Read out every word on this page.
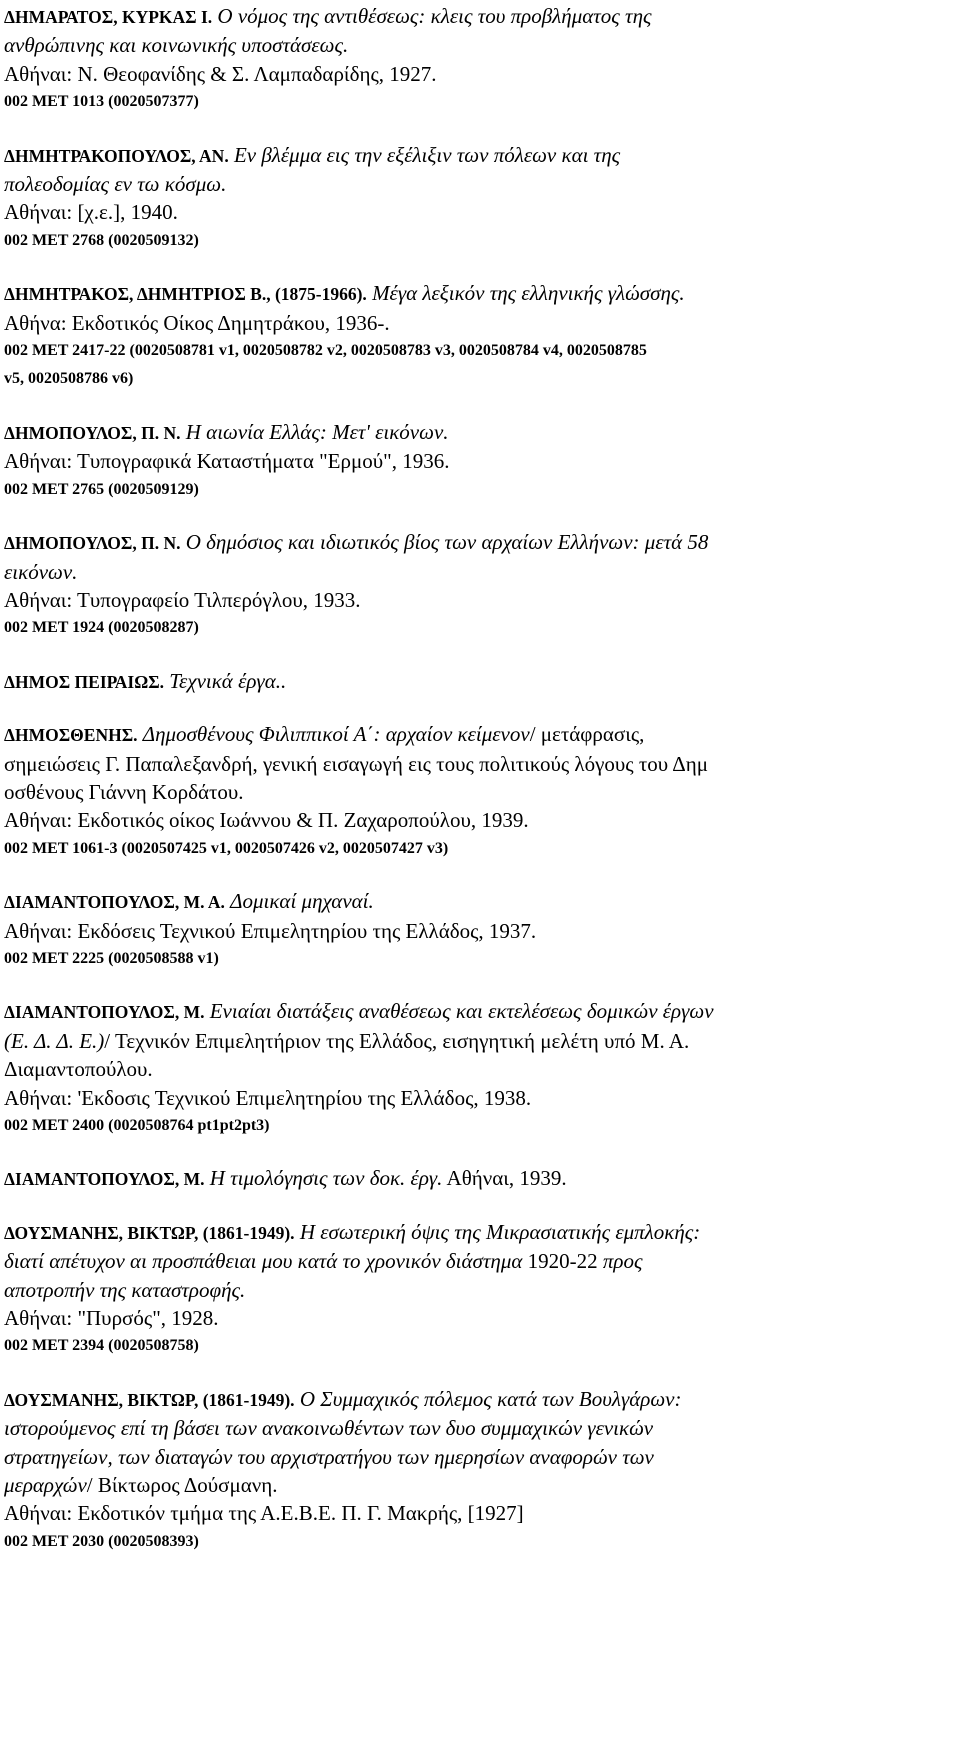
ΔΗΜΑΡΑΤΟΣ, ΚΥΡΚΑΣ Ι. Ο νόμος της αντιθέσεως: κλεις του προβλήματος της
ανθρώπινης και κοινωνικής υποστάσεως.
Αθήναι: Ν. Θεοφανίδης & Σ. Λαμπαδαρίδης, 1927.
002 MET 1013 (0020507377)
ΔΗΜΗΤΡΑΚΟΠΟΥΛΟΣ, ΑΝ. Εν βλέμμα εις την εξέλιξιν των πόλεων και της
πολεοδομίας εν τω κόσμω.
Αθήναι: [χ.ε.], 1940.
002 MET 2768 (0020509132)
ΔΗΜΗΤΡΑΚΟΣ, ΔΗΜΗΤΡΙΟΣ Β., (1875-1966). Μέγα λεξικόν της ελληνικής γλώσσης.
Αθήνα: Εκδοτικός Οίκος Δημητράκου, 1936-.
002 MET 2417-22 (0020508781 v1, 0020508782 v2, 0020508783 v3, 0020508784 v4, 0020508785
v5, 0020508786 v6)
ΔΗΜΟΠΟΥΛΟΣ, Π. Ν. Η αιωνία Ελλάς: Μετ' εικόνων.
Αθήναι: Τυπογραφικά Καταστήματα "Ερμού", 1936.
002 MET 2765 (0020509129)
ΔΗΜΟΠΟΥΛΟΣ, Π. Ν. Ο δημόσιος και ιδιωτικός βίος των αρχαίων Ελλήνων: μετά 58
εικόνων.
Αθήναι: Τυπογραφείο Τιλπερόγλου, 1933.
002 MET 1924 (0020508287)
ΔΗΜΟΣ ΠΕΙΡΑΙΩΣ. Τεχνικά έργα..
ΔΗΜΟΣΘΕΝΗΣ. Δημοσθένους Φιλιππικοί Α΄: αρχαίον κείμενον/ μετάφρασις,
σημειώσεις Γ. Παπαλεξανδρή, γενική εισαγωγή εις τους πολιτικούς λόγους του Δημ
οσθένους Γιάννη Κορδάτου.
Αθήναι: Εκδοτικός οίκος Ιωάννου & Π. Ζαχαροπούλου, 1939.
002 MET 1061-3 (0020507425 v1, 0020507426 v2, 0020507427 v3)
ΔΙΑΜΑΝΤΟΠΟΥΛΟΣ, Μ. Α. Δομικαί μηχαναί.
Αθήναι: Εκδόσεις Τεχνικού Επιμελητηρίου της Ελλάδος, 1937.
002 MET 2225 (0020508588 v1)
ΔΙΑΜΑΝΤΟΠΟΥΛΟΣ, Μ. Ενιαίαι διατάξεις αναθέσεως και εκτελέσεως δομικών έργων
(Ε. Δ. Δ. Ε.)/ Τεχνικόν Επιμελητήριον της Ελλάδος, εισηγητική μελέτη υπό Μ. Α.
Διαμαντοπούλου.
Αθήναι: 'Εκδοσις Τεχνικού Επιμελητηρίου της Ελλάδος, 1938.
002 MET 2400 (0020508764 pt1pt2pt3)
ΔΙΑΜΑΝΤΟΠΟΥΛΟΣ, Μ. Η τιμολόγησις των δοκ. έργ. Αθήναι, 1939.
ΔΟΥΣΜΑΝΗΣ, ΒΙΚΤΩΡ, (1861-1949). Η εσωτερική όψις της Μικρασιατικής εμπλοκής:
διατί απέτυχον αι προσπάθειαι μου κατά το χρονικόν διάστημα 1920-22 προς
αποτροπήν της καταστροφής.
Αθήναι: "Πυρσός", 1928.
002 MET 2394 (0020508758)
ΔΟΥΣΜΑΝΗΣ, ΒΙΚΤΩΡ, (1861-1949). Ο Συμμαχικός πόλεμος κατά των Βουλγάρων:
ιστορούμενος επί τη βάσει των ανακοινωθέντων των δυο συμμαχικών γενικών
στρατηγείων, των διαταγών του αρχιστρατήγου των ημερησίων αναφορών των
μεραρχών/ Βίκτωρος Δούσμανη.
Αθήναι: Εκδοτικόν τμήμα της Α.Ε.Β.Ε. Π. Γ. Μακρής, [1927]
002 MET 2030 (0020508393)
